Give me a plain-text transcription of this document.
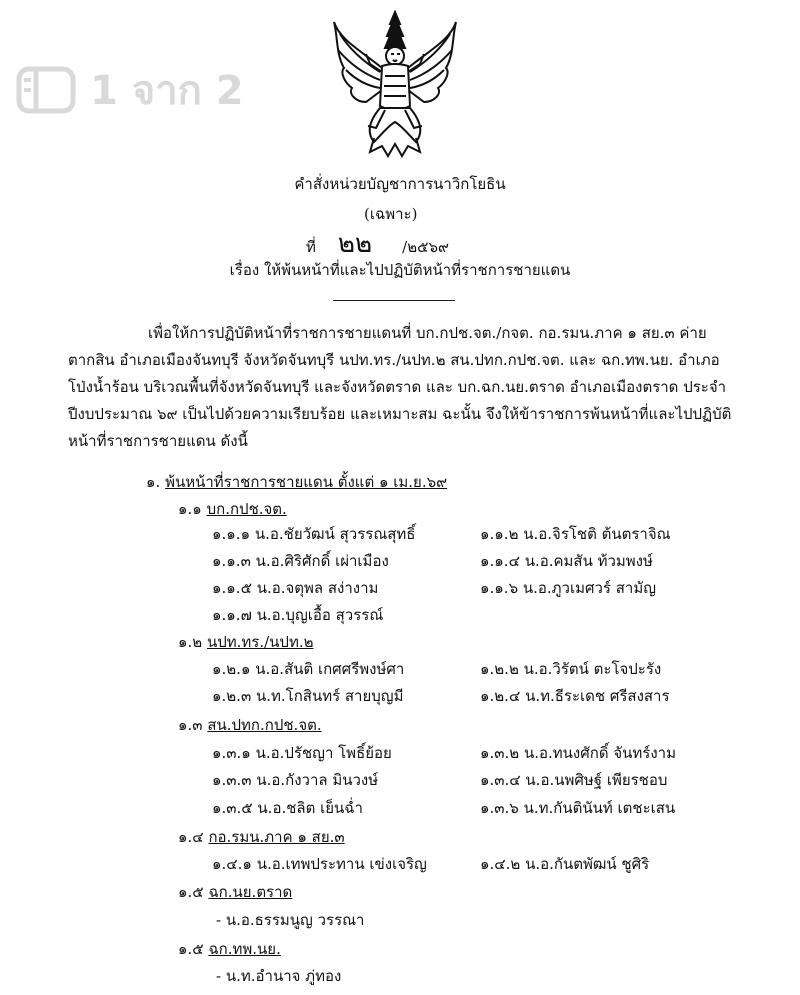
1 จาก 2
คำสั่งหน่วยบัญชาการนาวิกโยธิน
(เฉพาะ)
ที่ ๒๒ /๒๕๖๙
เรื่อง ให้พ้นหน้าที่และไปปฏิบัติหน้าที่ราชการชายแดน

เพื่อให้การปฏิบัติหน้าที่ราชการชายแดนที่ บก.กปช.จต./กจต. กอ.รมน.ภาค ๑ สย.๓ ค่ายตากสิน อำเภอเมืองจันทบุรี จังหวัดจันทบุรี นปท.ทร./นปท.๒ สน.ปทก.กปช.จต. และ ฉก.ทพ.นย. อำเภอโป่งน้ำร้อน บริเวณพื้นที่จังหวัดจันทบุรี และจังหวัดตราด และ บก.ฉก.นย.ตราด อำเภอเมืองตราด ประจำปีงบประมาณ ๖๙ เป็นไปด้วยความเรียบร้อย และเหมาะสม ฉะนั้น จึงให้ข้าราชการพ้นหน้าที่และไปปฏิบัติหน้าที่ราชการชายแดน ดังนี้

๑. พ้นหน้าที่ราชการชายแดน ตั้งแต่ ๑ เม.ย.๖๙
๑.๑ บก.กปช.จต.
๑.๑.๑ น.อ.ชัยวัฒน์ สุวรรณสุทธิ์	๑.๑.๒ น.อ.จิรโชติ ต้นตราจิณ
๑.๑.๓ น.อ.ศิริศักดิ์ เผ่าเมือง	๑.๑.๔ น.อ.คมสัน ท้วมพงษ์
๑.๑.๕ น.อ.จตุพล สง่างาม	๑.๑.๖ น.อ.ภูวเมศวร์ สามัญ
๑.๑.๗ น.อ.บุญเอื้อ สุวรรณ์
๑.๒ นปท.ทร./นปท.๒
๑.๒.๑ น.อ.สันติ เกศศรีพงษ์ศา	๑.๒.๒ น.อ.วิรัตน์ ตะโจปะรัง
๑.๒.๓ น.ท.โกสินทร์ สายบุญมี	๑.๒.๔ น.ท.ธีระเดช ศรีสงสาร
๑.๓ สน.ปทก.กปช.จต.
๑.๓.๑ น.อ.ปรัชญา โพธิ์ย้อย	๑.๓.๒ น.อ.ทนงศักดิ์ จันทร์งาม
๑.๓.๓ น.อ.กังวาล มินวงษ์	๑.๓.๔ น.อ.นพศิษฐ์ เพียรชอบ
๑.๓.๕ น.อ.ชลิต เย็นฉ่ำ	๑.๓.๖ น.ท.กันตินันท์ เตชะเสน
๑.๔ กอ.รมน.ภาค ๑ สย.๓
๑.๔.๑ น.อ.เทพประทาน เข่งเจริญ	๑.๔.๒ น.อ.กันตพัฒน์ ชูศิริ
๑.๕ ฉก.นย.ตราด
- น.อ.ธรรมนูญ วรรณา
๑.๕ ฉก.ทพ.นย.
- น.ท.อำนาจ ภู่ทอง
